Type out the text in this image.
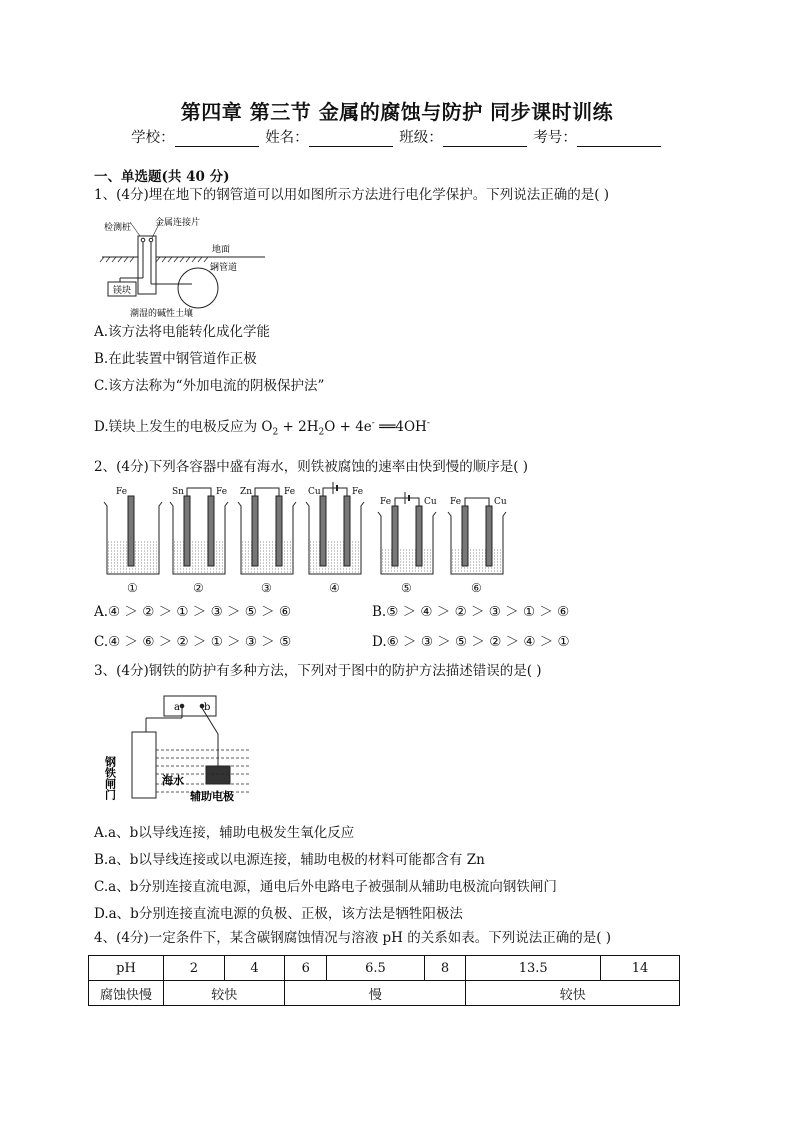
第四章 第三节 金属的腐蚀与防护 同步课时训练
学校：	姓名：	班级：	考号：
一、单选题(共 40 分)
1、(4分)埋在地下的钢管道可以用如图所示方法进行电化学保护。下列说法正确的是( )
检测桩	金属连接片
地面
钢管道
镁块
潮湿的碱性土壤
A.该方法将电能转化成化学能
B.在此装置中钢管道作正极
C.该方法称为“外加电流的阴极保护法”
D.镁块上发生的电极反应为 $O_2 + 2H_2O + 4e^-$ ══4OH-
2、(4分)下列各容器中盛有海水，则铁被腐蚀的速率由快到慢的顺序是( )
Fe
①
Sn	Fe
②
Zn	Fe
③
Cu	Fe
④
Fe	Cu
⑤
Fe	Cu
⑥
A.④ ＞ ② ＞ ① ＞ ③ ＞ ⑤ ＞ ⑥	B.⑤ ＞ ④ ＞ ② ＞ ③ ＞ ① ＞ ⑥
C.④ ＞ ⑥ ＞ ② ＞ ① ＞ ③ ＞ ⑤	D.⑥ ＞ ③ ＞ ⑤ ＞ ② ＞ ④ ＞ ①
3、(4分)钢铁的防护有多种方法，下列对于图中的防护方法描述错误的是( )
a b
钢铁闸门	海水
辅助电极
A.a、b以导线连接，辅助电极发生氧化反应
B.a、b以导线连接或以电源连接，辅助电极的材料可能都含有 Zn
C.a、b分别连接直流电源，通电后外电路电子被强制从辅助电极流向钢铁闸门
D.a、b分别连接直流电源的负极、正极，该方法是牺牲阳极法
4、(4分)一定条件下，某含碳钢腐蚀情况与溶液 pH 的关系如表。下列说法正确的是( )
pH	2	4	6	6.5	8	13.5	14
腐蚀快慢	较快		慢			较快	
